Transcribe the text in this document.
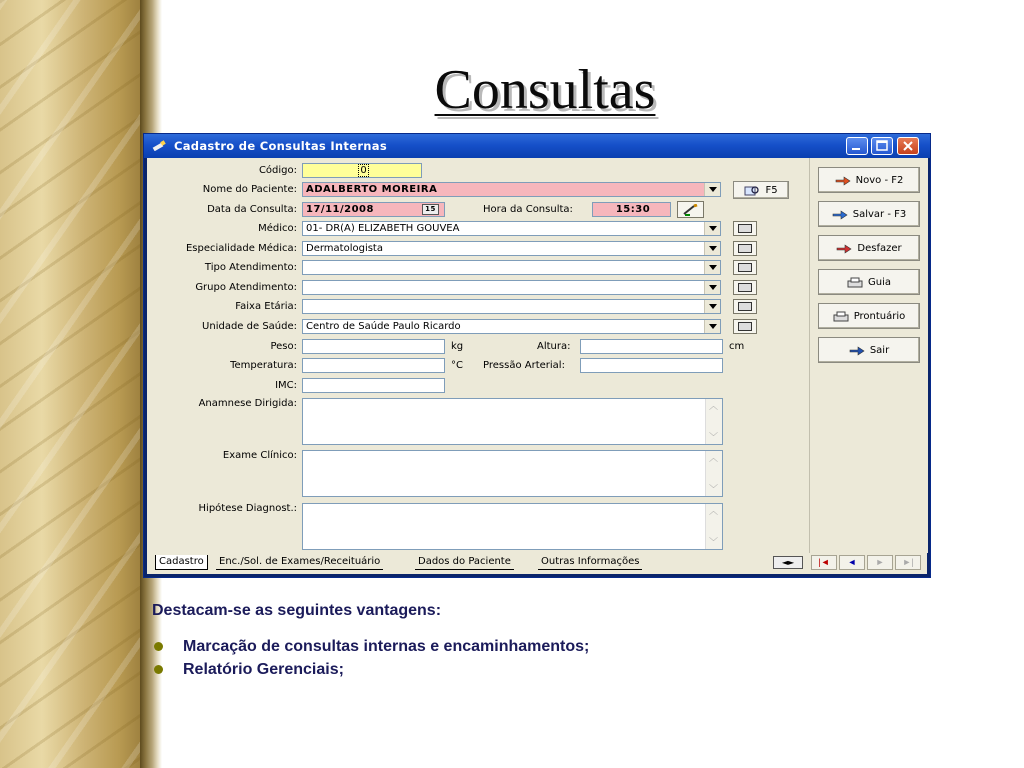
Consultas
Cadastro de Consultas Internas
Código:	0
Nome do Paciente: ADALBERTO MOREIRA	F5
Data da Consulta: 17/11/2008	15	Hora da Consulta:	15:30
Médico: 01- DR(A) ELIZABETH GOUVEA
Especialidade Médica: Dermatologista
Tipo Atendimento:
Grupo Atendimento:
Faixa Etária:
Unidade de Saúde: Centro de Saúde Paulo Ricardo
Peso:	kg	Altura:	cm
Temperatura:	°C Pressão Arterial:
IMC:
Anamnese Dirigida:	︿
﹀
Exame Clínico:	︿
﹀
Hipótese Diagnost.:	︿
﹀
Novo - F2
Salvar - F3
Desfazer
Guia
Prontuário
Sair
Cadastro	Enc./Sol. de Exames/Receituário	Dados do Paciente	Outras Informações	◄►	|◄	◄	►	►|
Destacam-se as seguintes vantagens:
Marcação de consultas internas e encaminhamentos;
Relatório Gerenciais;
